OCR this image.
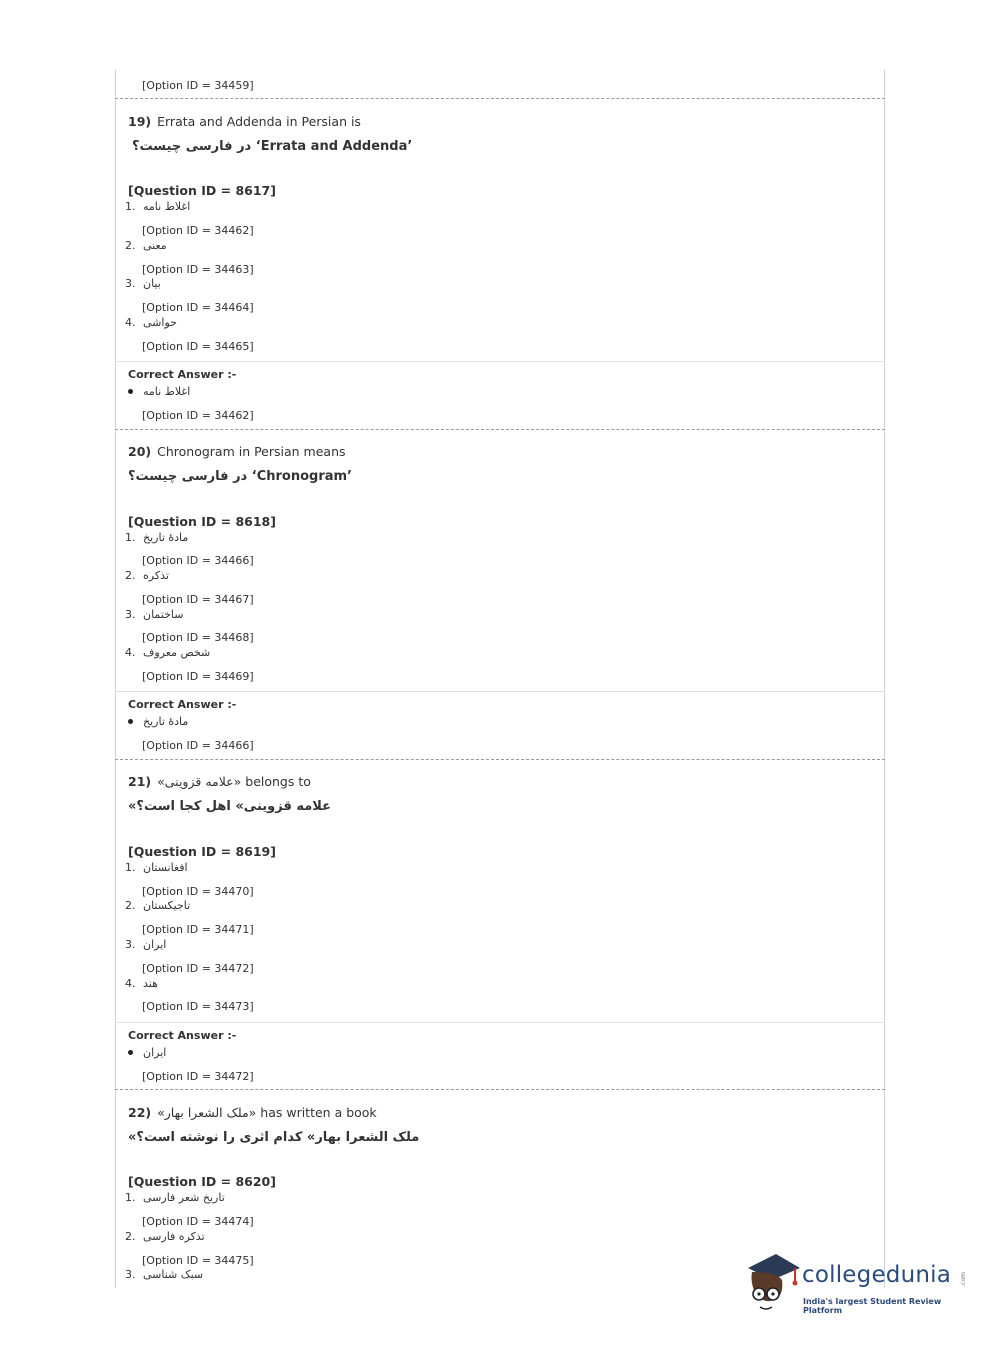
[Option ID = 34459]
19) Errata and Addenda in Persian is
در فارسی چیست؟ ‘Errata and Addenda’
[Question ID = 8617]
1. اغلاط نامه
[Option ID = 34462]
2. معنی
[Option ID = 34463]
3. بیان
[Option ID = 34464]
4. حواشی
[Option ID = 34465]
Correct Answer :-
اغلاط نامه
[Option ID = 34462]
20) Chronogram in Persian means
در فارسی چیست؟ ‘Chronogram’
[Question ID = 8618]
1. مادۀ تاریخ
[Option ID = 34466]
2. تذکره
[Option ID = 34467]
3. ساختمان
[Option ID = 34468]
4. شخص معروف
[Option ID = 34469]
Correct Answer :-
مادۀ تاریخ
[Option ID = 34466]
21) «علامه قزوینی» belongs to
«علامه قزوینی» اهل کجا است؟
[Question ID = 8619]
1. افغانستان
[Option ID = 34470]
2. تاجیکستان
[Option ID = 34471]
3. ایران
[Option ID = 34472]
4. هند
[Option ID = 34473]
Correct Answer :-
ایران
[Option ID = 34472]
22) «ملک الشعرا بهار» has written a book
«ملک الشعرا بهار» کدام اثری را نوشته است؟
[Question ID = 8620]
1. تاریخ شعر فارسی
[Option ID = 34474]
2. تذکره فارسی
[Option ID = 34475]
3. سبک شناسی	collegedunia .com
India's largest Student Review Platform
